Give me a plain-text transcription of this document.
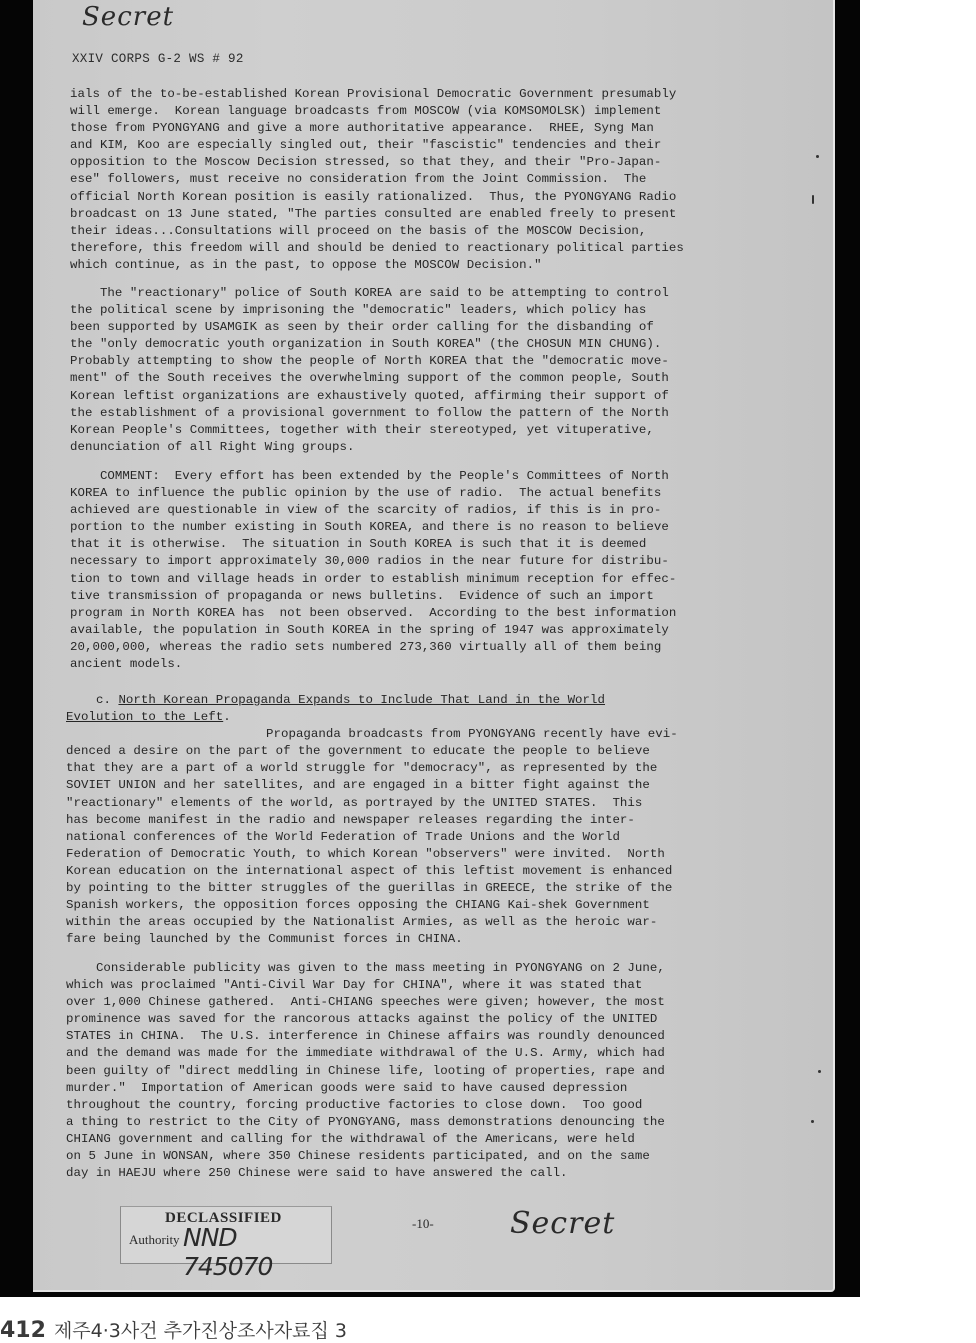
Secret
XXIV CORPS G-2 WS # 92
ials of the to-be-established Korean Provisional Democratic Government presumably
will emerge.  Korean language broadcasts from MOSCOW (via KOMSOMOLSK) implement
those from PYONGYANG and give a more authoritative appearance.  RHEE, Syng Man
and KIM, Koo are especially singled out, their "fascistic" tendencies and their
opposition to the Moscow Decision stressed, so that they, and their "Pro-Japan-
ese" followers, must receive no consideration from the Joint Commission.  The
official North Korean position is easily rationalized.  Thus, the PYONGYANG Radio
broadcast on 13 June stated, "The parties consulted are enabled freely to present
their ideas...Consultations will proceed on the basis of the MOSCOW Decision,
therefore, this freedom will and should be denied to reactionary political parties
which continue, as in the past, to oppose the MOSCOW Decision."
The "reactionary" police of South KOREA are said to be attempting to control
the political scene by imprisoning the "democratic" leaders, which policy has
been supported by USAMGIK as seen by their order calling for the disbanding of
the "only democratic youth organization in South KOREA" (the CHOSUN MIN CHUNG).
Probably attempting to show the people of North KOREA that the "democratic move-
ment" of the South receives the overwhelming support of the common people, South
Korean leftist organizations are exhaustively quoted, affirming their support of
the establishment of a provisional government to follow the pattern of the North
Korean People's Committees, together with their stereotyped, yet vituperative,
denunciation of all Right Wing groups.
COMMENT:  Every effort has been extended by the People's Committees of North
KOREA to influence the public opinion by the use of radio.  The actual benefits
achieved are questionable in view of the scarcity of radios, if this is in pro-
portion to the number existing in South KOREA, and there is no reason to believe
that it is otherwise.  The situation in South KOREA is such that it is deemed
necessary to import approximately 30,000 radios in the near future for distribu-
tion to town and village heads in order to establish minimum reception for effec-
tive transmission of propaganda or news bulletins.  Evidence of such an import
program in North KOREA has  not been observed.  According to the best information
available, the population in South KOREA in the spring of 1947 was approximately
20,000,000, whereas the radio sets numbered 273,360 virtually all of them being
ancient models.
c. North Korean Propaganda Expands to Include That Land in the World
Evolution to the Left.
Propaganda broadcasts from PYONGYANG recently have evi-
denced a desire on the part of the government to educate the people to believe
that they are a part of a world struggle for "democracy", as represented by the
SOVIET UNION and her satellites, and are engaged in a bitter fight against the
"reactionary" elements of the world, as portrayed by the UNITED STATES.  This
has become manifest in the radio and newspaper releases regarding the inter-
national conferences of the World Federation of Trade Unions and the World
Federation of Democratic Youth, to which Korean "observers" were invited.  North
Korean education on the international aspect of this leftist movement is enhanced
by pointing to the bitter struggles of the guerillas in GREECE, the strike of the
Spanish workers, the opposition forces opposing the CHIANG Kai-shek Government
within the areas occupied by the Nationalist Armies, as well as the heroic war-
fare being launched by the Communist forces in CHINA.
Considerable publicity was given to the mass meeting in PYONGYANG on 2 June,
which was proclaimed "Anti-Civil War Day for CHINA", where it was stated that
over 1,000 Chinese gathered.  Anti-CHIANG speeches were given; however, the most
prominence was saved for the rancorous attacks against the policy of the UNITED
STATES in CHINA.  The U.S. interference in Chinese affairs was roundly denounced
and the demand was made for the immediate withdrawal of the U.S. Army, which had
been guilty of "direct meddling in Chinese life, looting of properties, rape and
murder."  Importation of American goods were said to have caused depression
throughout the country, forcing productive factories to close down.  Too good
a thing to restrict to the City of PYONGYANG, mass demonstrations denouncing the
CHIANG government and calling for the withdrawal of the Americans, were held
on 5 June in WONSAN, where 350 Chinese residents participated, and on the same
day in HAEJU where 250 Chinese were said to have answered the call.
DECLASSIFIED
Authority NND 745070
-10-	Secret
412 제주4·3사건 추가진상조사자료집 3
